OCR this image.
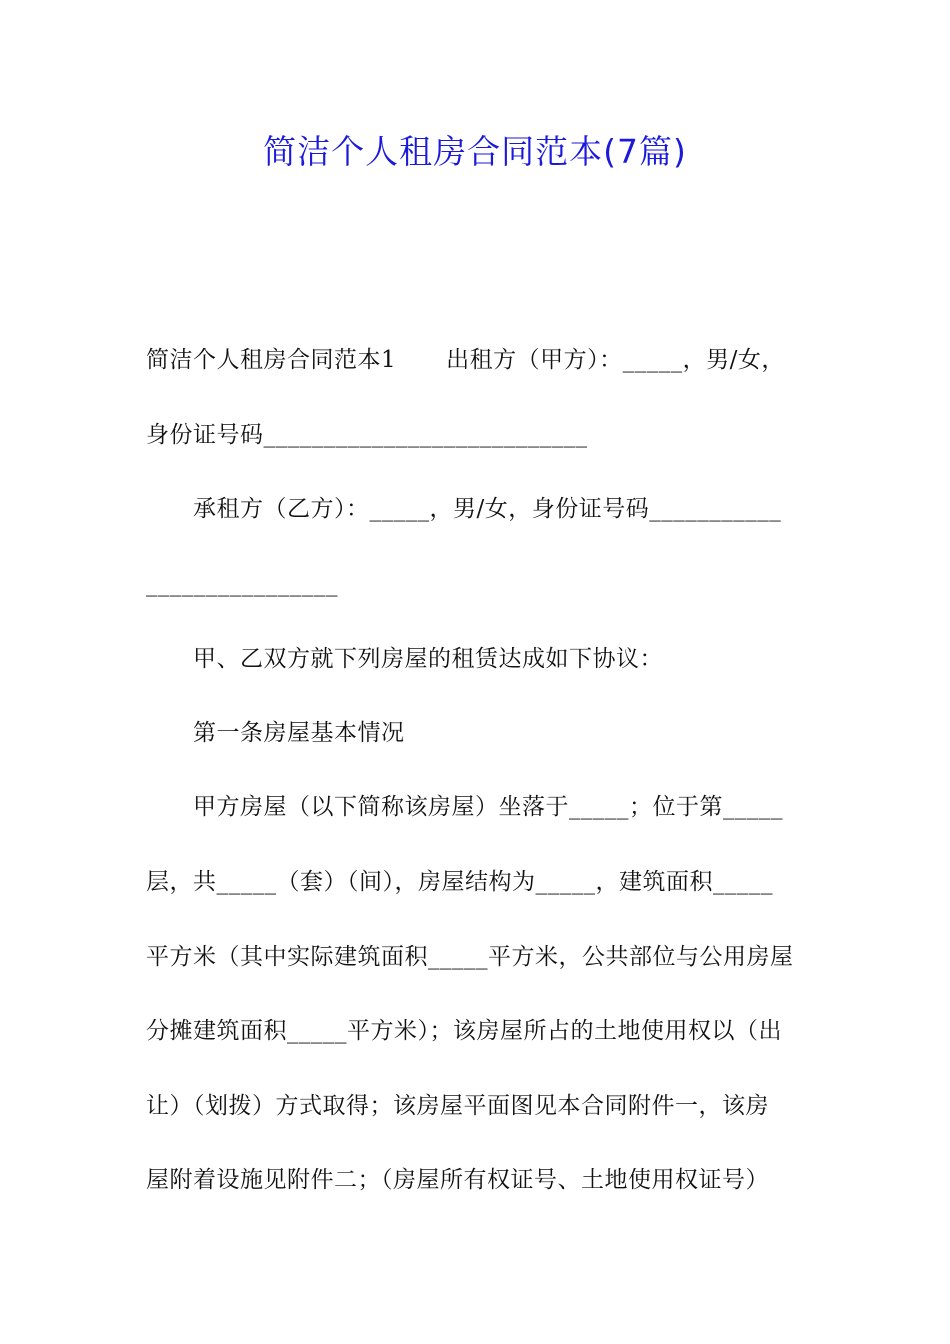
简洁个人租房合同范本(7篇)
简洁个人租房合同范本1 出租方（甲方）：_____，男/女，
身份证号码___________________________
承租方（乙方）：_____，男/女，身份证号码___________
________________
甲、乙双方就下列房屋的租赁达成如下协议：
第一条房屋基本情况
甲方房屋（以下简称该房屋）坐落于_____；位于第_____
层，共_____（套）（间），房屋结构为_____，建筑面积_____
平方米（其中实际建筑面积_____平方米，公共部位与公用房屋
分摊建筑面积_____平方米）；该房屋所占的土地使用权以（出
让）（划拨）方式取得；该房屋平面图见本合同附件一，该房
屋附着设施见附件二；（房屋所有权证号、土地使用权证号）
